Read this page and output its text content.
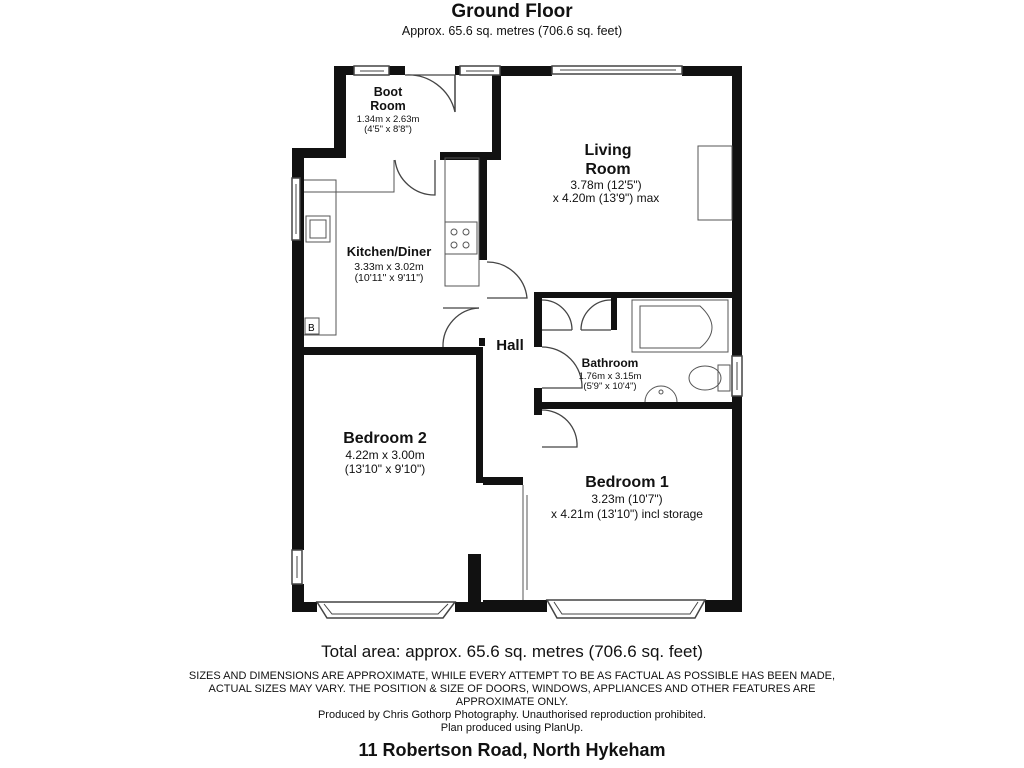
Ground Floor
Approx. 65.6 sq. metres (706.6 sq. feet)
B
Boot
Room
1.34m x 2.63m
(4'5" x 8'8")
Living
Room
3.78m (12'5")
x 4.20m (13'9") max
Kitchen/Diner
3.33m x 3.02m
(10'11" x 9'11")
Hall
Bathroom
1.76m x 3.15m
(5'9" x 10'4")
Bedroom 2
4.22m x 3.00m
(13'10" x 9'10")
Bedroom 1
3.23m (10'7")
x 4.21m (13'10") incl storage
Total area: approx. 65.6 sq. metres (706.6 sq. feet)
SIZES AND DIMENSIONS ARE APPROXIMATE, WHILE EVERY ATTEMPT TO BE AS FACTUAL AS POSSIBLE HAS BEEN MADE,
ACTUAL SIZES MAY VARY. THE POSITION & SIZE OF DOORS, WINDOWS, APPLIANCES AND OTHER FEATURES ARE
APPROXIMATE ONLY.
Produced by Chris Gothorp Photography. Unauthorised reproduction prohibited.
Plan produced using PlanUp.
11 Robertson Road, North Hykeham
